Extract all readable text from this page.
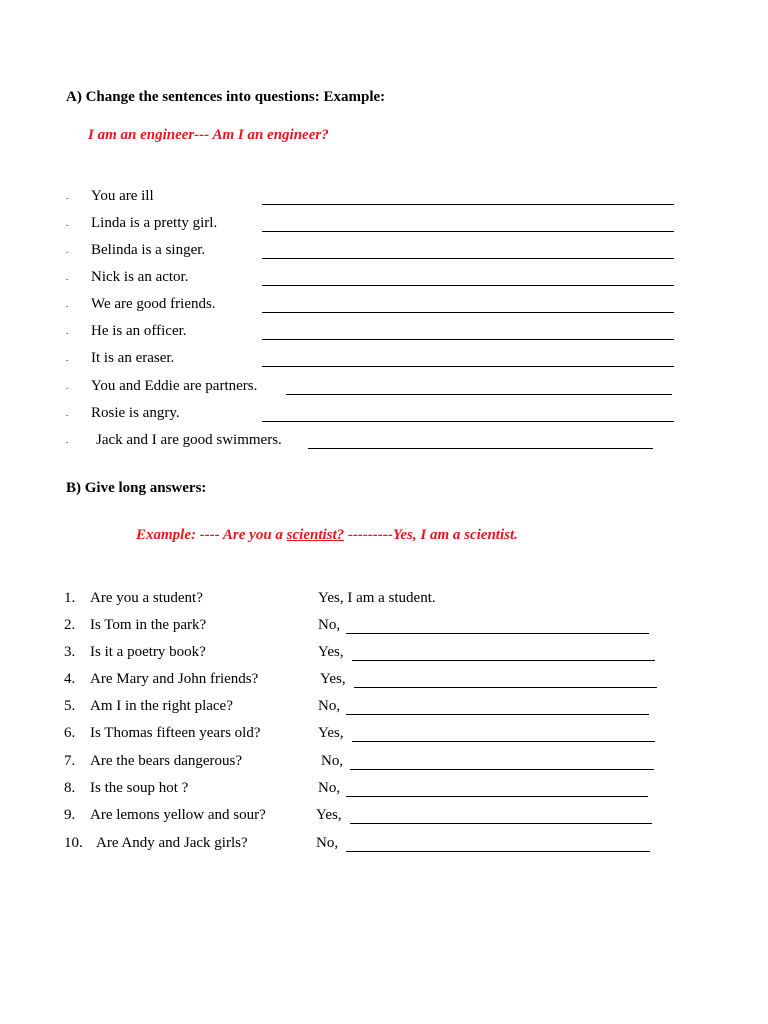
A) Change the sentences into questions: Example:
I am an engineer--- Am I an engineer?
. You are ill
. Linda is a pretty girl.
. Belinda is a singer.
. Nick is an actor.
. We are good friends.
. He is an officer.
. It is an eraser.
. You and Eddie are partners.
. Rosie is angry.
. Jack and I are good swimmers.
B) Give long answers:
Example: ---- Are you a scientist? ---------Yes, I am a scientist.
1. Are you a student?	Yes, I am a student.
2. Is Tom in the park?	No,
3. Is it a poetry book?	Yes,
4. Are Mary and John friends?	Yes,
5. Am I in the right place?	No,
6. Is Thomas fifteen years old?	Yes,
7. Are the bears dangerous?	No,
8. Is the soup hot ?	No,
9. Are lemons yellow and sour?	Yes,
10. Are Andy and Jack girls?	No,
